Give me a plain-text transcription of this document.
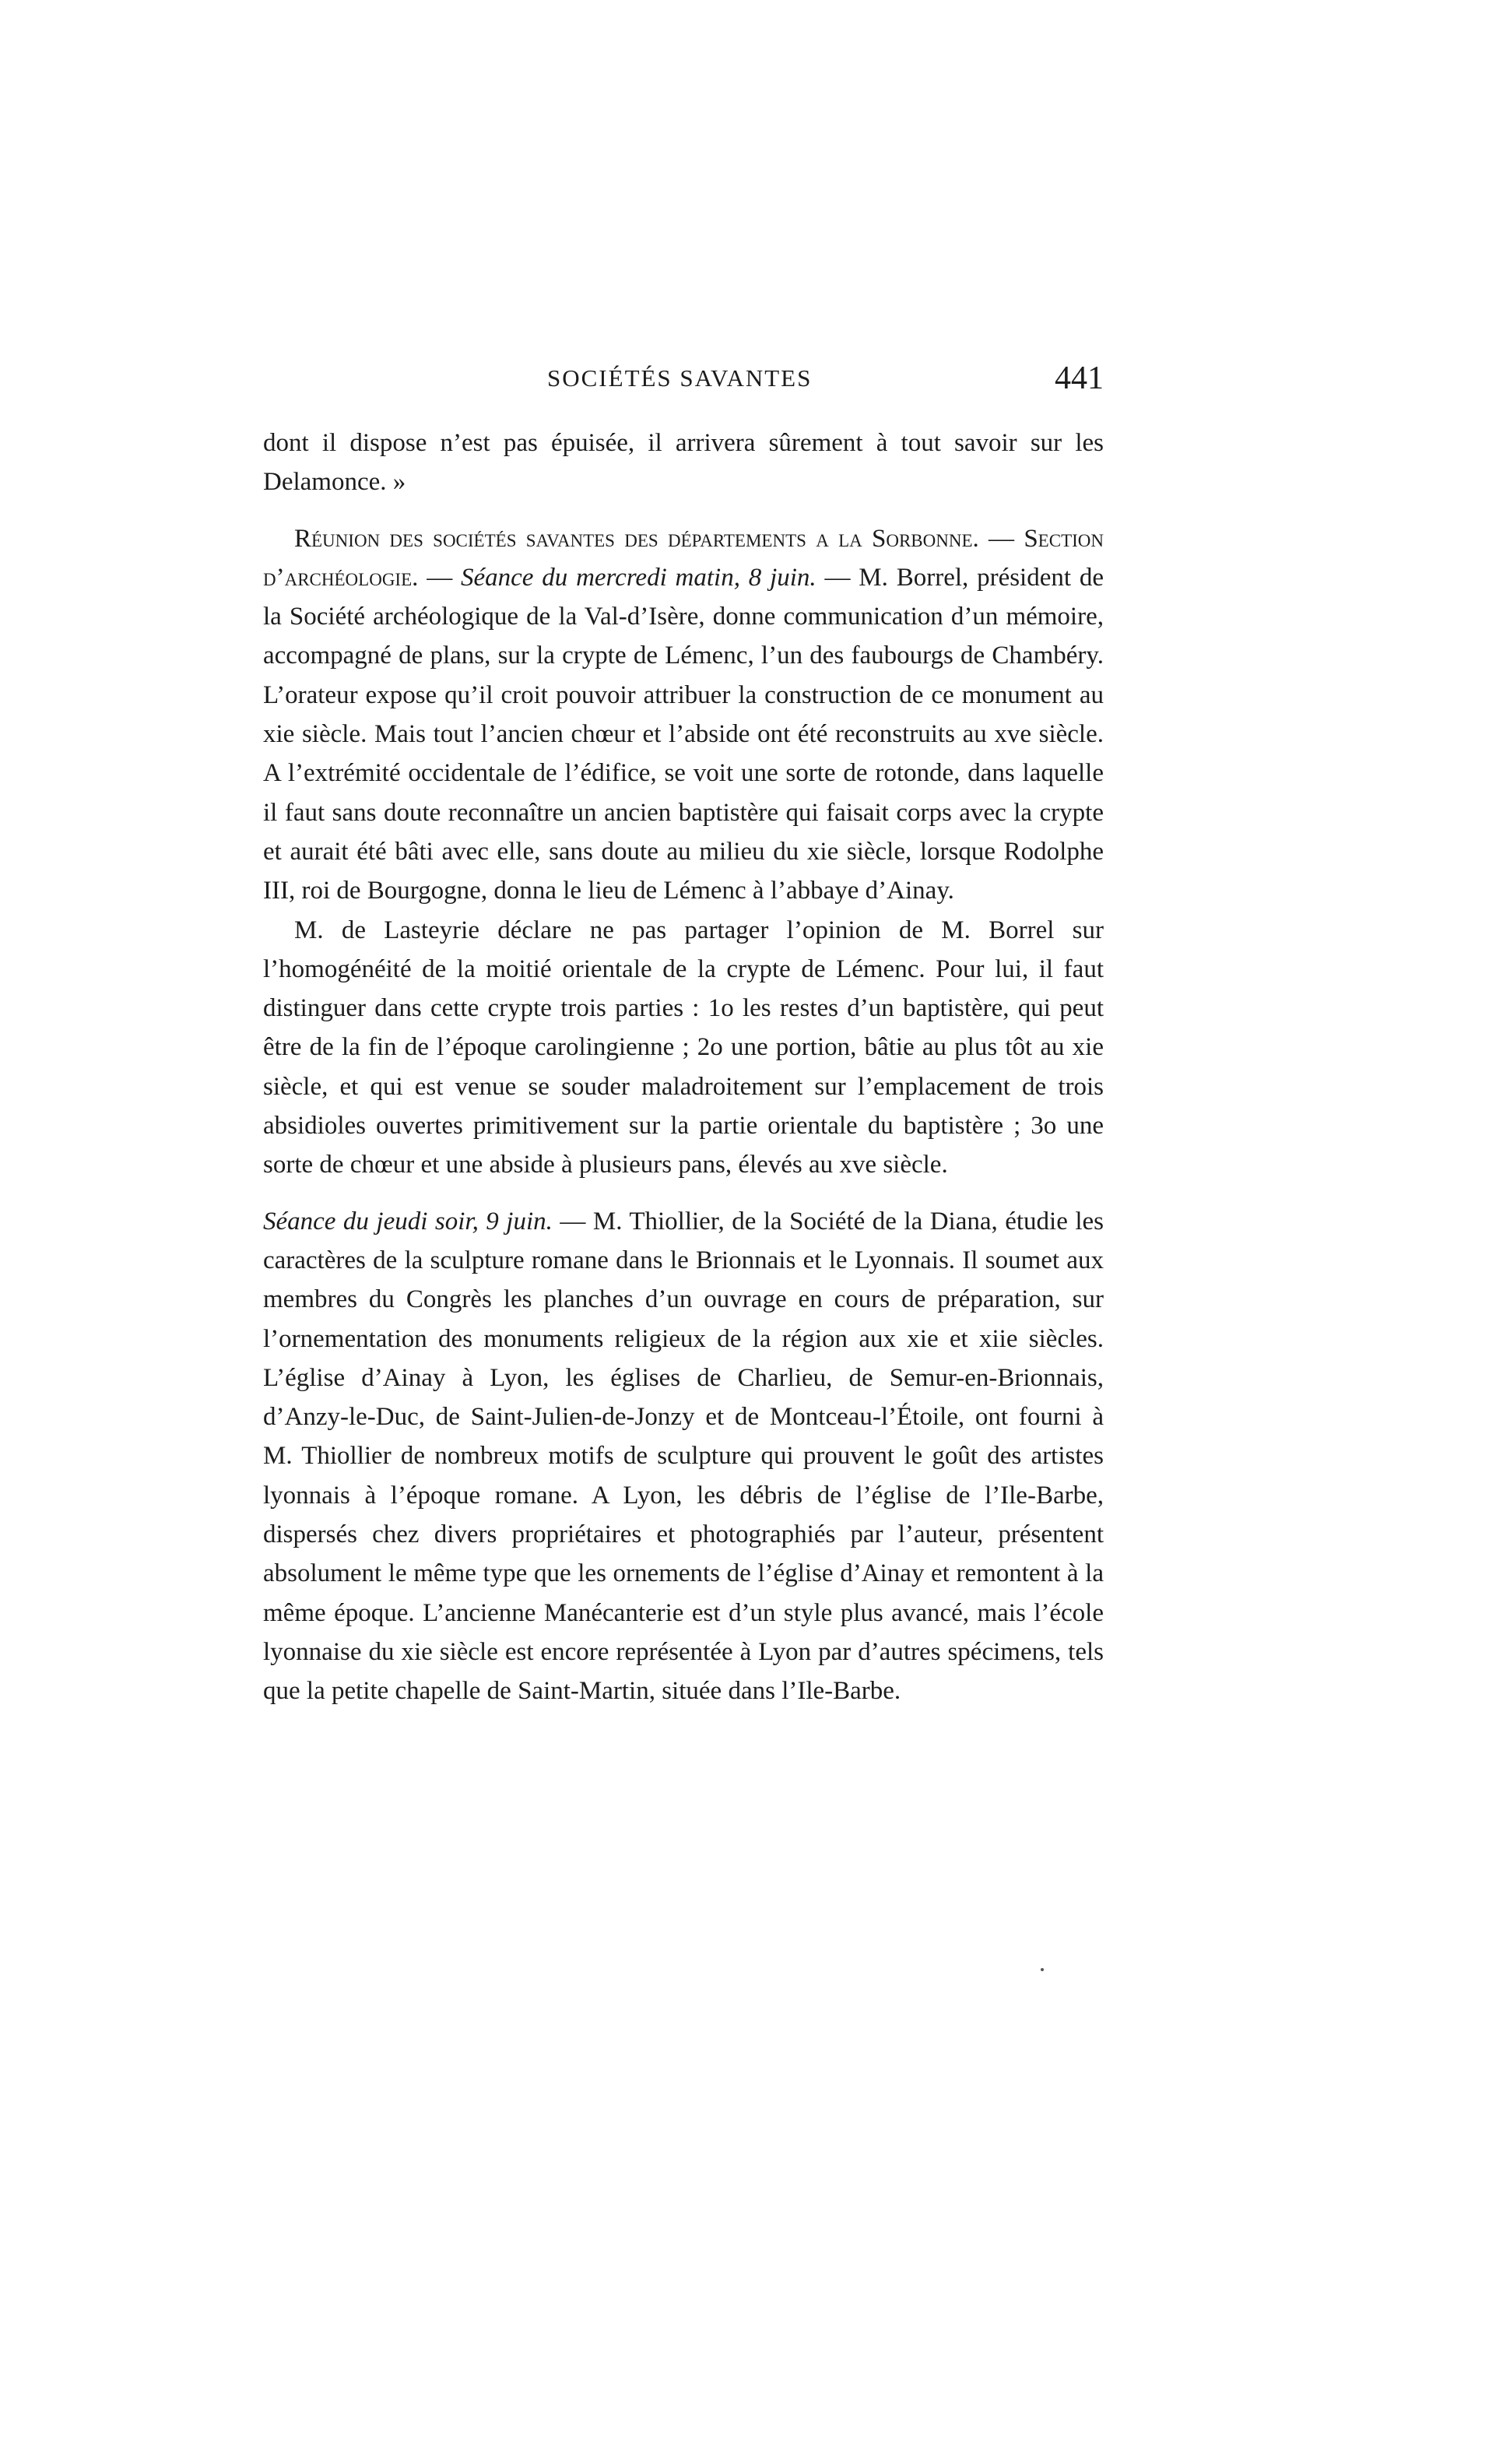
SOCIÉTÉS SAVANTES	441

dont il dispose n’est pas épuisée, il arrivera sûrement à tout savoir sur les Delamonce. »

Réunion des sociétés savantes des départements a la Sorbonne. — Section d’archéologie. — Séance du mercredi matin, 8 juin. — M. Borrel, président de la Société archéologique de la Val-d’Isère, donne communication d’un mémoire, accompagné de plans, sur la crypte de Lémenc, l’un des faubourgs de Chambéry. L’orateur expose qu’il croit pouvoir attribuer la construction de ce monument au xie siècle. Mais tout l’ancien chœur et l’abside ont été reconstruits au xve siècle. A l’extrémité occidentale de l’édifice, se voit une sorte de rotonde, dans laquelle il faut sans doute reconnaître un ancien baptistère qui faisait corps avec la crypte et aurait été bâti avec elle, sans doute au milieu du xie siècle, lorsque Rodolphe III, roi de Bourgogne, donna le lieu de Lémenc à l’abbaye d’Ainay.

M. de Lasteyrie déclare ne pas partager l’opinion de M. Borrel sur l’homogénéité de la moitié orientale de la crypte de Lémenc. Pour lui, il faut distinguer dans cette crypte trois parties : 1o les restes d’un baptistère, qui peut être de la fin de l’époque carolingienne ; 2o une portion, bâtie au plus tôt au xie siècle, et qui est venue se souder maladroitement sur l’emplacement de trois absidioles ouvertes primitivement sur la partie orientale du baptistère ; 3o une sorte de chœur et une abside à plusieurs pans, élevés au xve siècle.

Séance du jeudi soir, 9 juin. — M. Thiollier, de la Société de la Diana, étudie les caractères de la sculpture romane dans le Brionnais et le Lyonnais. Il soumet aux membres du Congrès les planches d’un ouvrage en cours de préparation, sur l’ornementation des monuments religieux de la région aux xie et xiie siècles. L’église d’Ainay à Lyon, les églises de Charlieu, de Semur-en-Brionnais, d’Anzy-le-Duc, de Saint-Julien-de-Jonzy et de Montceau-l’Étoile, ont fourni à M. Thiollier de nombreux motifs de sculpture qui prouvent le goût des artistes lyonnais à l’époque romane. A Lyon, les débris de l’église de l’Ile-Barbe, dispersés chez divers propriétaires et photographiés par l’auteur, présentent absolument le même type que les ornements de l’église d’Ainay et remontent à la même époque. L’ancienne Manécanterie est d’un style plus avancé, mais l’école lyonnaise du xie siècle est encore représentée à Lyon par d’autres spécimens, tels que la petite chapelle de Saint-Martin, située dans l’Ile-Barbe.
